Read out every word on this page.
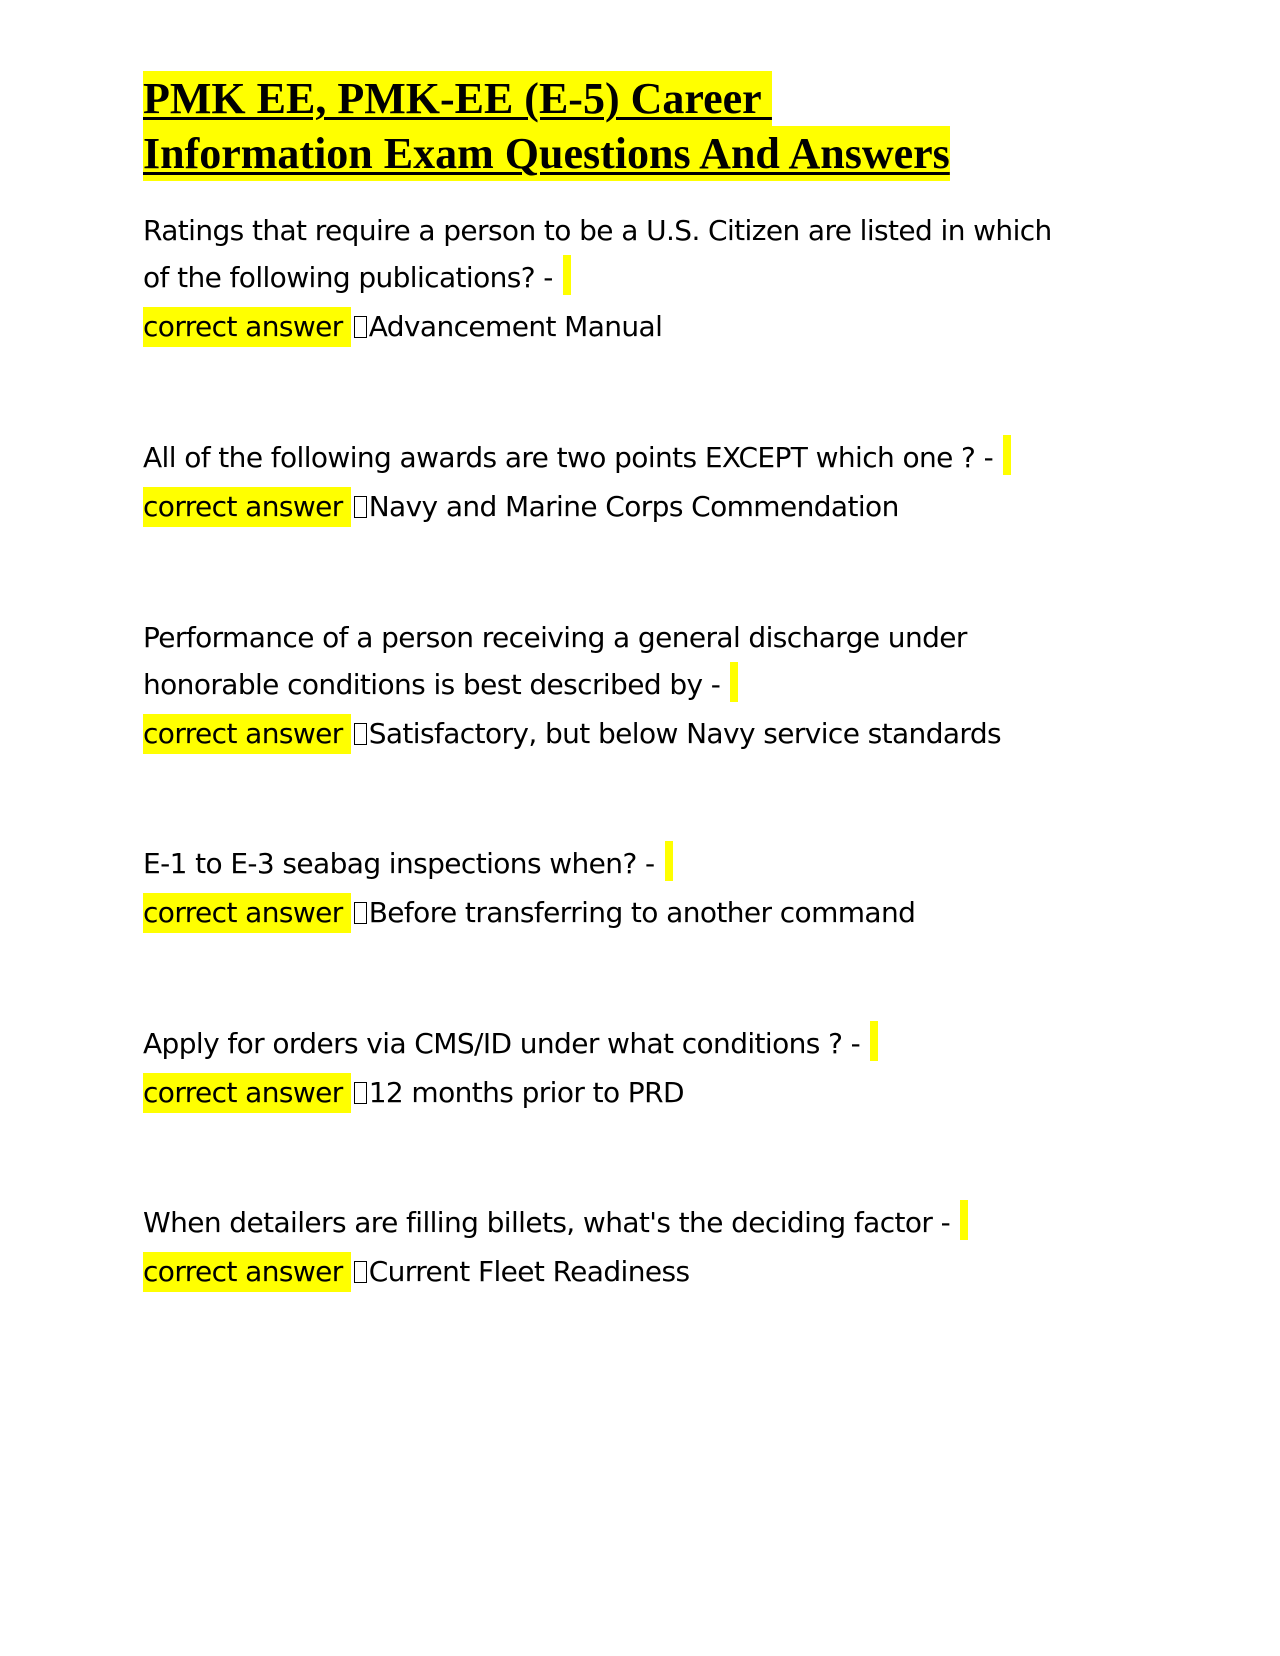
PMK EE, PMK-EE (E-5) Career
Information Exam Questions And Answers
Ratings that require a person to be a U.S. Citizen are listed in which
of the following publications? -
correct answer Advancement Manual
All of the following awards are two points EXCEPT which one ? -
correct answer Navy and Marine Corps Commendation
Performance of a person receiving a general discharge under
honorable conditions is best described by -
correct answer Satisfactory, but below Navy service standards
E-1 to E-3 seabag inspections when? -
correct answer Before transferring to another command
Apply for orders via CMS/ID under what conditions ? -
correct answer 12 months prior to PRD
When detailers are filling billets, what's the deciding factor -
correct answer Current Fleet Readiness
